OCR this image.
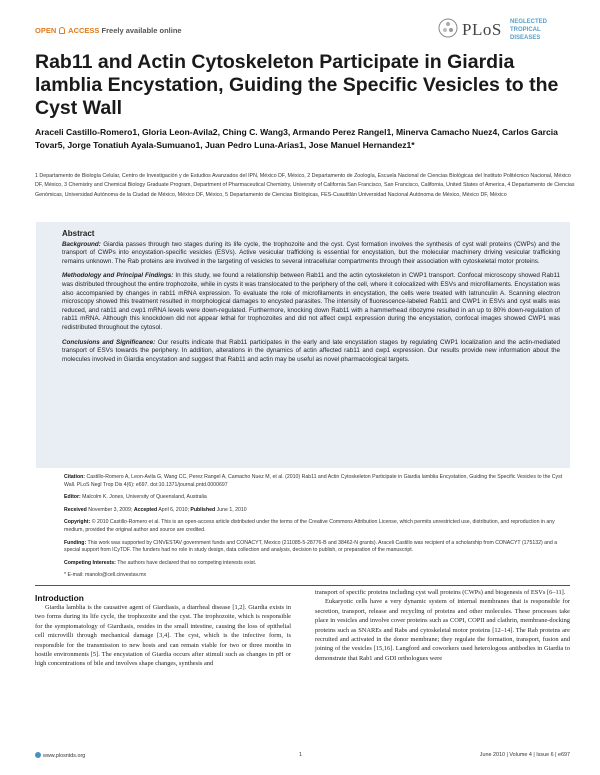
OPEN ACCESS Freely available online	PLoS NEGLECTED
TROPICAL DISEASES
Rab11 and Actin Cytoskeleton Participate in Giardia lamblia Encystation, Guiding the Specific Vesicles to the Cyst Wall
Araceli Castillo-Romero1, Gloria Leon-Avila2, Ching C. Wang3, Armando Perez Rangel1, Minerva Camacho Nuez4, Carlos Garcia Tovar5, Jorge Tonatiuh Ayala-Sumuano1, Juan Pedro Luna-Arias1, Jose Manuel Hernandez1*
1 Departamento de Biología Celular, Centro de Investigación y de Estudios Avanzados del IPN, México DF, México, 2 Departamento de Zoología, Escuela Nacional de Ciencias Biológicas del Instituto Politécnico Nacional, México DF, México, 3 Chemistry and Chemical Biology Graduate Program, Department of Pharmaceutical Chemistry, University of California San Francisco, San Francisco, California, United States of America, 4 Departamento de Ciencias Genómicas, Universidad Autónoma de la Ciudad de México, México DF, México, 5 Departamento de Ciencias Biológicas, FES-Cuautitlán Universidad Nacional Autónoma de México, México DF, México
Abstract

Background: Giardia passes through two stages during its life cycle, the trophozoite and the cyst. Cyst formation involves the synthesis of cyst wall proteins (CWPs) and the transport of CWPs into encystation-specific vesicles (ESVs). Active vesicular trafficking is essential for encystation, but the molecular machinery driving vesicular trafficking remains unknown. The Rab proteins are involved in the targeting of vesicles to several intracellular compartments through their association with cytoskeletal motor proteins.

Methodology and Principal Findings: In this study, we found a relationship between Rab11 and the actin cytoskeleton in CWP1 transport. Confocal microscopy showed Rab11 was distributed throughout the entire trophozoite, while in cysts it was translocated to the periphery of the cell, where it colocalized with ESVs and microfilaments. Encystation was also accompanied by changes in rab11 mRNA expression. To evaluate the role of microfilaments in encystation, the cells were treated with latrunculin A. Scanning electron microscopy showed this treatment resulted in morphological damages to encysted parasites. The intensity of fluorescence-labeled Rab11 and CWP1 in ESVs and cyst walls was reduced, and rab11 and cwp1 mRNA levels were down-regulated. Furthermore, knocking down Rab11 with a hammerhead ribozyme resulted in an up to 80% down-regulation of rab11 mRNA. Although this knockdown did not appear lethal for trophozoites and did not affect cwp1 expression during the encystation, confocal images showed CWP1 was redistributed throughout the cytosol.

Conclusions and Significance: Our results indicate that Rab11 participates in the early and late encystation stages by regulating CWP1 localization and the actin-mediated transport of ESVs towards the periphery. In addition, alterations in the dynamics of actin affected rab11 and cwp1 expression. Our results provide new information about the molecules involved in Giardia encystation and suggest that Rab11 and actin may be useful as novel pharmacological targets.

Citation: Castillo-Romero A, Leon-Avila G, Wang CC, Perez Rangel A, Camacho Nuez M, et al. (2010) Rab11 and Actin Cytoskeleton Participate in Giardia lamblia Encystation, Guiding the Specific Vesicles to the Cyst Wall. PLoS Negl Trop Dis 4(6): e697. doi:10.1371/journal.pntd.0000697

Editor: Malcolm K. Jones, University of Queensland, Australia

Received November 3, 2009; Accepted April 6, 2010; Published June 1, 2010

Copyright: © 2010 Castillo-Romero et al. This is an open-access article distributed under the terms of the Creative Commons Attribution License, which permits unrestricted use, distribution, and reproduction in any medium, provided the original author and source are credited.

Funding: This work was supported by CINVESTAV government funds and CONACYT, Mexico (211085-5-28776-B and 38462-N grants). Araceli Castillo was recipient of a scholarship from CONACYT (175132) and a special support from ICyTDF. The funders had no role in study design, data collection and analysis, decision to publish, or preparation of the manuscript.

Competing Interests: The authors have declared that no competing interests exist.

* E-mail: manolo@cell.cinvestav.mx

Introduction

Giardia lamblia is the causative agent of Giardiasis, a diarrheal disease [1,2]. Giardia exists in two forms during its life cycle, the trophozoite and the cyst. The trophozoite, which is responsible for the symptomatology of Giardiasis, resides in the small intestine, causing the loss of epithelial cell microvilli through mechanical damage [3,4]. The cyst, which is the infective form, is responsible for the transmission to new hosts and can remain viable for two or three months in hostile environments [5]. The encystation of Giardia occurs after stimuli such as changes in pH or high concentrations of bile and involves shape changes, synthesis and

transport of specific proteins including cyst wall proteins (CWPs) and biogenesis of ESVs [6–11].

Eukaryotic cells have a very dynamic system of internal membranes that is responsible for secretion, transport, release and recycling of proteins and other molecules. These processes take place in vesicles and involve cover proteins such as COPI, COPII and clathrin, membrane-docking proteins such as SNAREs and Rabs and cytoskeletal motor proteins [12–14]. The Rab proteins are recruited and activated in the donor membrane; they regulate the formation, transport, fusion and joining of the vesicles [15,16]. Langford and coworkers used heterologous antibodies in Giardia to demonstrate that Rab1 and GDI orthologues were

www.plosntds.org	1	June 2010 | Volume 4 | Issue 6 | e697
